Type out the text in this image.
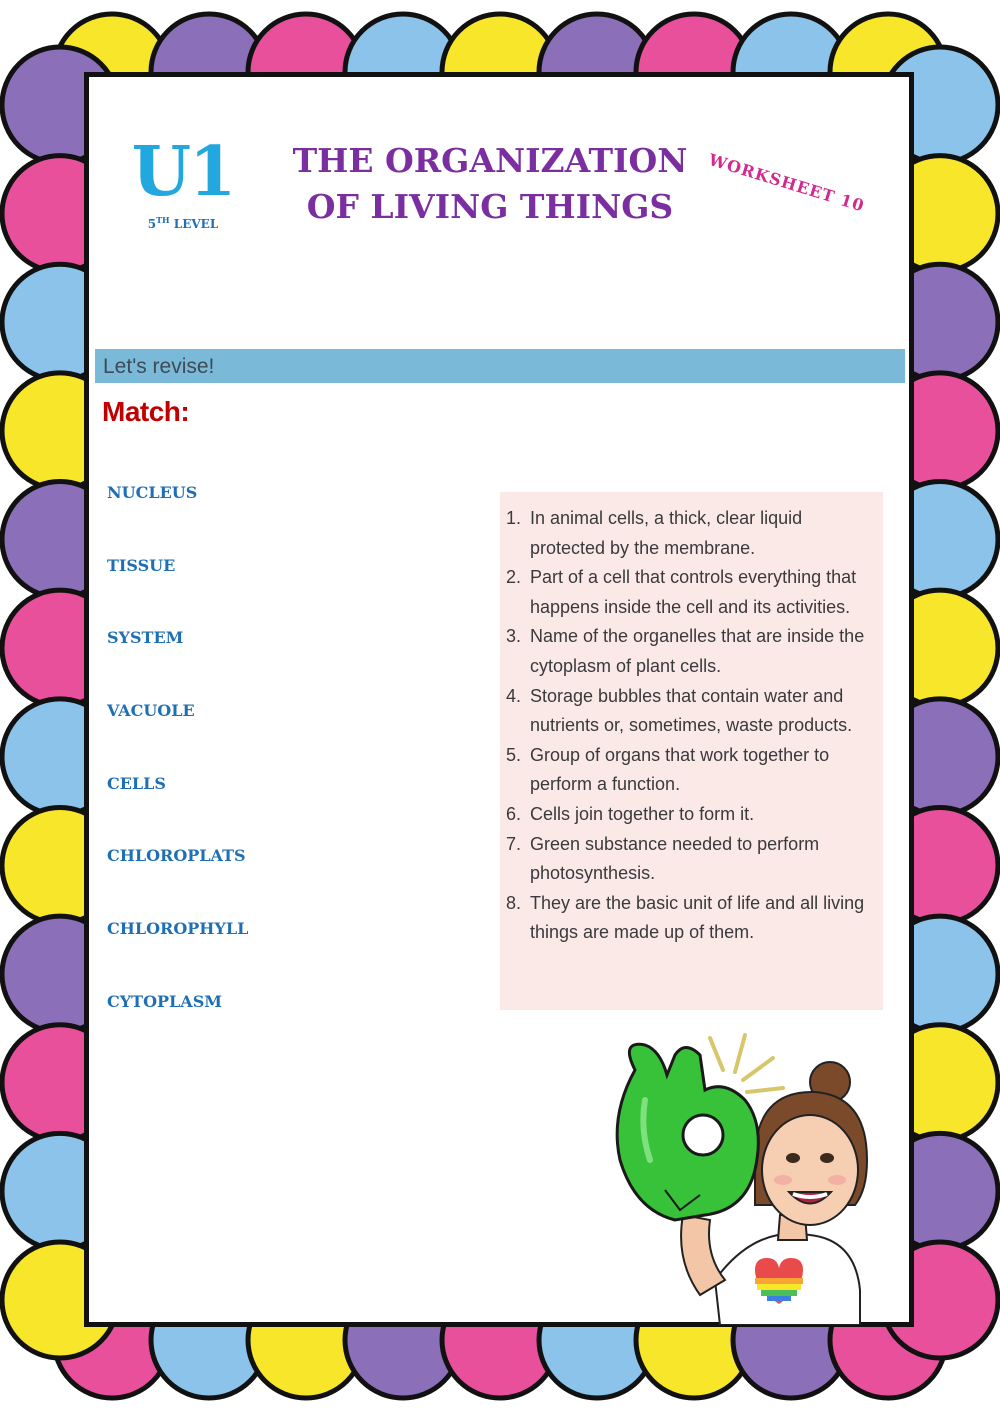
U1
5TH LEVEL
THE ORGANIZATION
OF LIVING THINGS	WORKSHEET 10
Let's revise!
Match:
NUCLEUS
TISSUE
SYSTEM
VACUOLE
CELLS
CHLOROPLATS
CHLOROPHYLL
CYTOPLASM
1. In animal cells, a thick, clear liquid protected by the membrane.
2. Part of a cell that controls everything that happens inside the cell and its activities.
3. Name of the organelles that are inside the cytoplasm of plant cells.
4. Storage bubbles that contain water and nutrients or, sometimes, waste products.
5. Group of organs that work together to perform a function.
6. Cells join together to form it.
7. Green substance needed to perform photosynthesis.
8. They are the basic unit of life and all living things are made up of them.
